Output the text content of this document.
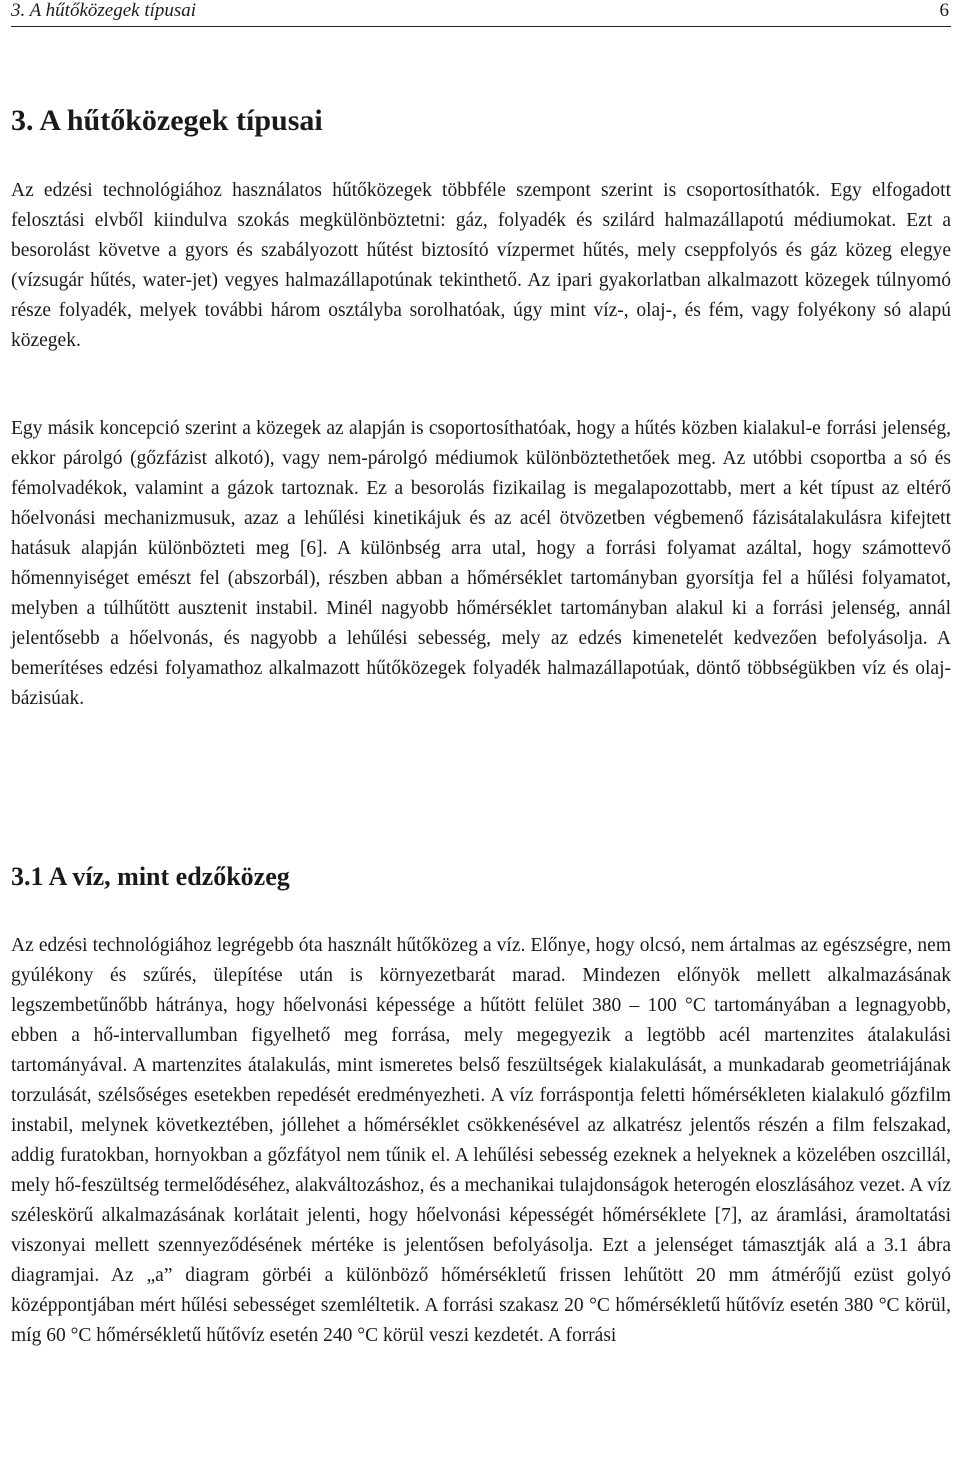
3. A hűtőközegek típusai	6
3. A hűtőközegek típusai

Az edzési technológiához használatos hűtőközegek többféle szempont szerint is csoportosíthatók. Egy elfogadott felosztási elvből kiindulva szokás megkülönböztetni: gáz, folyadék és szilárd halmazállapotú médiumokat. Ezt a besorolást követve a gyors és szabályozott hűtést biztosító vízpermet hűtés, mely cseppfolyós és gáz közeg elegye (vízsugár hűtés, water-jet) vegyes halmazállapotúnak tekinthető. Az ipari gyakorlatban alkalmazott közegek túlnyomó része folyadék, melyek további három osztályba sorolhatóak, úgy mint víz-, olaj-, és fém, vagy folyékony só alapú közegek.

Egy másik koncepció szerint a közegek az alapján is csoportosíthatóak, hogy a hűtés közben kialakul-e forrási jelenség, ekkor párolgó (gőzfázist alkotó), vagy nem-párolgó médiumok különböztethetőek meg. Az utóbbi csoportba a só és fémolvadékok, valamint a gázok tartoznak. Ez a besorolás fizikailag is megalapozottabb, mert a két típust az eltérő hőelvonási mechanizmusuk, azaz a lehűlési kinetikájuk és az acél ötvözetben végbemenő fázisátalakulásra kifejtett hatásuk alapján különbözteti meg [6]. A különbség arra utal, hogy a forrási folyamat azáltal, hogy számottevő hőmennyiséget emészt fel (abszorbál), részben abban a hőmérséklet tartományban gyorsítja fel a hűlési folyamatot, melyben a túlhűtött ausztenit instabil. Minél nagyobb hőmérséklet tartományban alakul ki a forrási jelenség, annál jelentősebb a hőelvonás, és nagyobb a lehűlési sebesség, mely az edzés kimenetelét kedvezően befolyásolja. A bemerítéses edzési folyamathoz alkalmazott hűtőközegek folyadék halmazállapotúak, döntő többségükben víz és olaj-bázisúak.

3.1 A víz, mint edzőközeg

Az edzési technológiához legrégebb óta használt hűtőközeg a víz. Előnye, hogy olcsó, nem ártalmas az egészségre, nem gyúlékony és szűrés, ülepítése után is környezetbarát marad. Mindezen előnyök mellett alkalmazásának legszembetűnőbb hátránya, hogy hőelvonási képessége a hűtött felület 380 – 100 °C tartományában a legnagyobb, ebben a hő-intervallumban figyelhető meg forrása, mely megegyezik a legtöbb acél martenzites átalakulási tartományával. A martenzites átalakulás, mint ismeretes belső feszültségek kialakulását, a munkadarab geometriájának torzulását, szélsőséges esetekben repedését eredményezheti. A víz forráspontja feletti hőmérsékleten kialakuló gőzfilm instabil, melynek következtében, jóllehet a hőmérséklet csökkenésével az alkatrész jelentős részén a film felszakad, addig furatokban, hornyokban a gőzfátyol nem tűnik el. A lehűlési sebesség ezeknek a helyeknek a közelében oszcillál, mely hő-feszültség termelődéséhez, alakváltozáshoz, és a mechanikai tulajdonságok heterogén eloszlásához vezet. A víz széleskörű alkalmazásának korlátait jelenti, hogy hőelvonási képességét hőmérséklete [7], az áramlási, áramoltatási viszonyai mellett szennyeződésének mértéke is jelentősen befolyásolja. Ezt a jelenséget támasztják alá a 3.1 ábra diagramjai. Az „a” diagram görbéi a különböző hőmérsékletű frissen lehűtött 20 mm átmérőjű ezüst golyó középpontjában mért hűlési sebességet szemléltetik. A forrási szakasz 20 °C hőmérsékletű hűtővíz esetén 380 °C körül, míg 60 °C hőmérsékletű hűtővíz esetén 240 °C körül veszi kezdetét. A forrási
